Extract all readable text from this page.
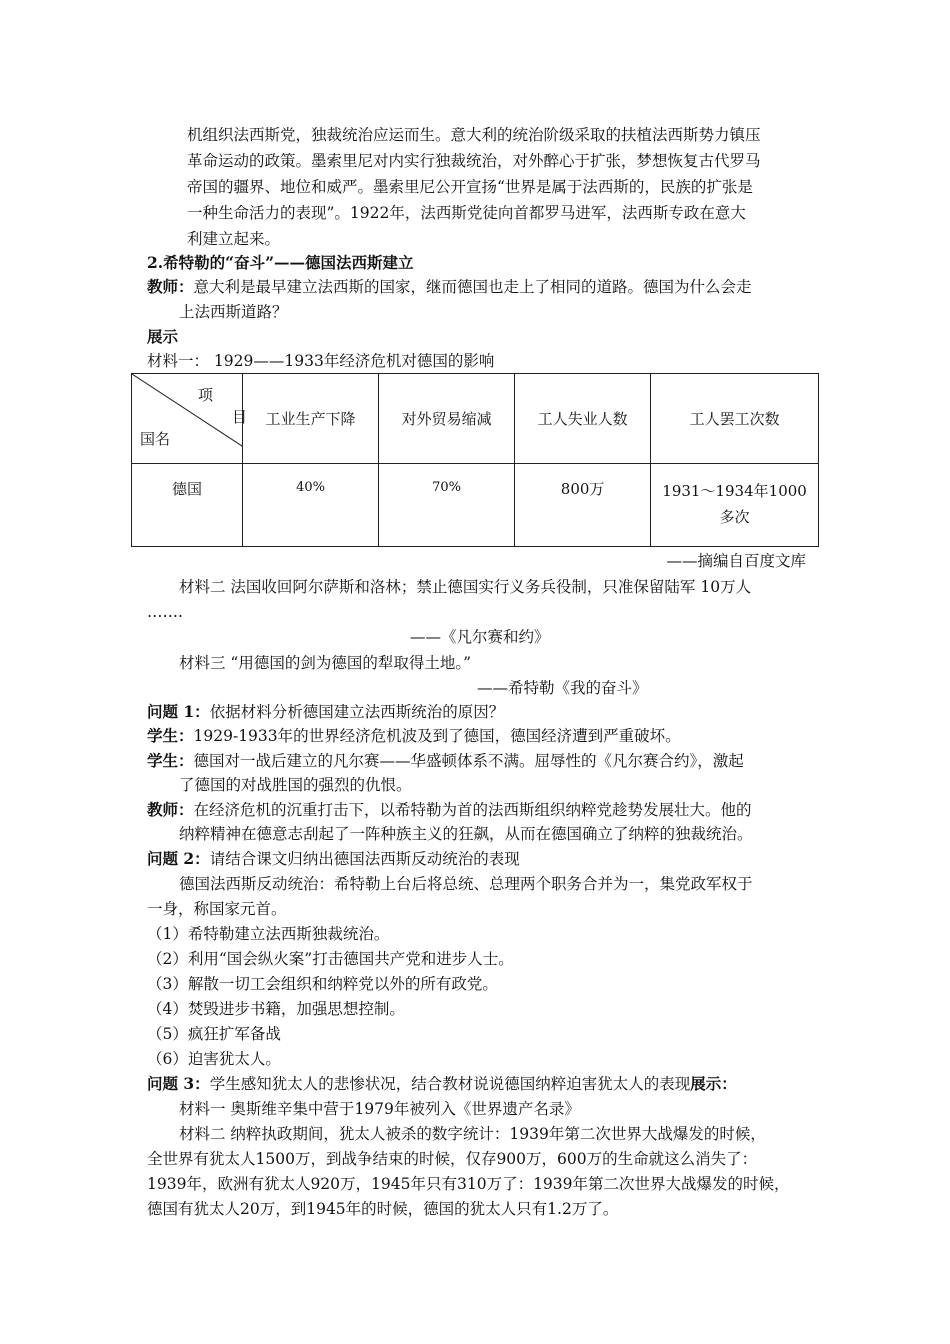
机组织法西斯党，独裁统治应运而生。意大利的统治阶级采取的扶植法西斯势力镇压
革命运动的政策。墨索里尼对内实行独裁统治，对外醉心于扩张，梦想恢复古代罗马
帝国的疆界、地位和威严。墨索里尼公开宣扬“世界是属于法西斯的，民族的扩张是
一种生命活力的表现”。1922年，法西斯党徒向首都罗马进军，法西斯专政在意大
利建立起来。
2.希特勒的“奋斗”——德国法西斯建立
教师：意大利是最早建立法西斯的国家，继而德国也走上了相同的道路。德国为什么会走
上法西斯道路？
展示
材料一： 1929——1933年经济危机对德国的影响
项
目
国名	工业生产下降	对外贸易缩减	工人失业人数	工人罢工次数
德国	40%	70%	800万	1931～1934年1000
多次
——摘编自百度文库
材料二 法国收回阿尔萨斯和洛林；禁止德国实行义务兵役制，只准保留陆军 10万人
…….
——《凡尔赛和约》
材料三 “用德国的剑为德国的犁取得土地。”
——希特勒《我的奋斗》
问题 1：依据材料分析德国建立法西斯统治的原因？
学生：1929-1933年的世界经济危机波及到了德国，德国经济遭到严重破坏。
学生：德国对一战后建立的凡尔赛——华盛顿体系不满。屈辱性的《凡尔赛合约》，激起
了德国的对战胜国的强烈的仇恨。
教师：在经济危机的沉重打击下，以希特勒为首的法西斯组织纳粹党趁势发展壮大。他的
纳粹精神在德意志刮起了一阵种族主义的狂飙，从而在德国确立了纳粹的独裁统治。
问题 2：请结合课文归纳出德国法西斯反动统治的表现
德国法西斯反动统治：希特勒上台后将总统、总理两个职务合并为一，集党政军权于
一身，称国家元首。
（1）希特勒建立法西斯独裁统治。
（2）利用“国会纵火案”打击德国共产党和进步人士。
（3）解散一切工会组织和纳粹党以外的所有政党。
（4）焚毁进步书籍，加强思想控制。
（5）疯狂扩军备战
（6）迫害犹太人。
问题 3：学生感知犹太人的悲惨状况，结合教材说说德国纳粹迫害犹太人的表现展示：
材料一 奥斯维辛集中营于1979年被列入《世界遗产名录》
材料二 纳粹执政期间，犹太人被杀的数字统计：1939年第二次世界大战爆发的时候，
全世界有犹太人1500万，到战争结束的时候，仅存900万，600万的生命就这么消失了：
1939年，欧洲有犹太人920万，1945年只有310万了：1939年第二次世界大战爆发的时候，
德国有犹太人20万，到1945年的时候，德国的犹太人只有1.2万了。
